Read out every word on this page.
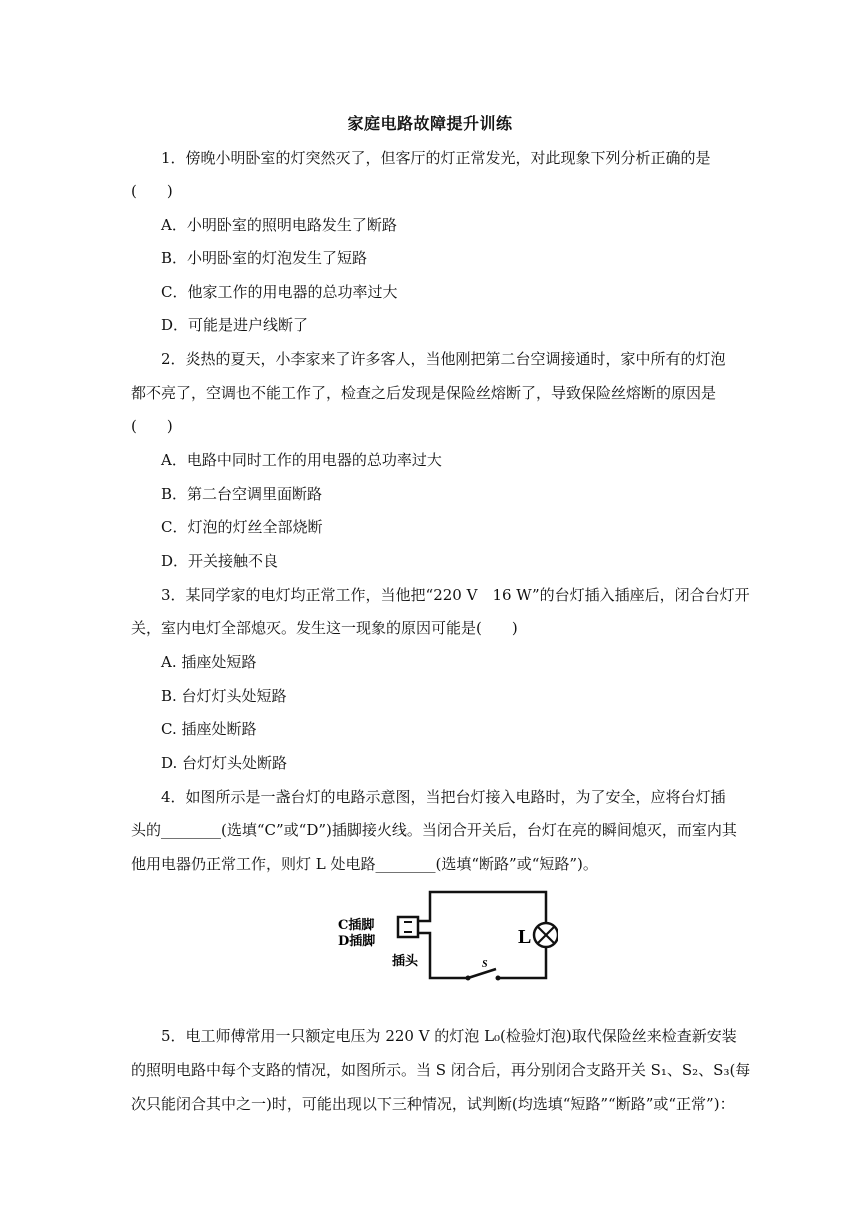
家庭电路故障提升训练
1．傍晚小明卧室的灯突然灭了，但客厅的灯正常发光，对此现象下列分析正确的是
(　　)
A．小明卧室的照明电路发生了断路
B．小明卧室的灯泡发生了短路
C．他家工作的用电器的总功率过大
D．可能是进户线断了
2．炎热的夏天，小李家来了许多客人，当他刚把第二台空调接通时，家中所有的灯泡
都不亮了，空调也不能工作了，检查之后发现是保险丝熔断了，导致保险丝熔断的原因是
(　　)
A．电路中同时工作的用电器的总功率过大
B．第二台空调里面断路
C．灯泡的灯丝全部烧断
D．开关接触不良
3．某同学家的电灯均正常工作，当他把“220 V　16 W”的台灯插入插座后，闭合台灯开
关，室内电灯全部熄灭。发生这一现象的原因可能是(　　)
A. 插座处短路
B. 台灯灯头处短路
C. 插座处断路
D. 台灯灯头处断路
4．如图所示是一盏台灯的电路示意图，当把台灯接入电路时，为了安全，应将台灯插
头的________(选填“C”或“D”)插脚接火线。当闭合开关后，台灯在亮的瞬间熄灭，而室内其
他用电器仍正常工作，则灯 L 处电路________(选填“断路”或“短路”)。
S
L
C插脚
D插脚
插头
5．电工师傅常用一只额定电压为 220 V 的灯泡 L₀(检验灯泡)取代保险丝来检查新安装
的照明电路中每个支路的情况，如图所示。当 S 闭合后，再分别闭合支路开关 S₁、S₂、S₃(每
次只能闭合其中之一)时，可能出现以下三种情况，试判断(均选填“短路”“断路”或“正常”)：
